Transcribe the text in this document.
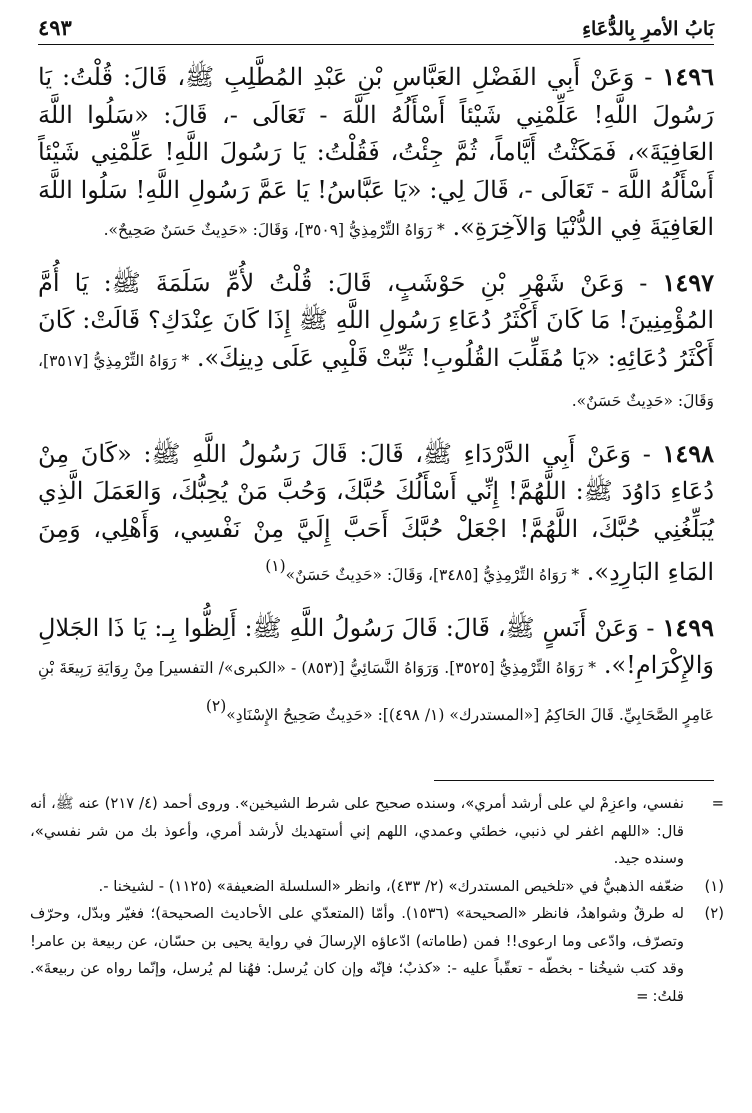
بَابُ الأمرِ بِالدُّعَاءِ
٤٩٣

١٤٩٦ - وَعَنْ أَبِي الفَضْلِ العَبَّاسِ بْنِ عَبْدِ المُطَّلِبِ ﷺ، قَالَ: قُلْتُ: يَا رَسُولَ اللَّهِ! عَلِّمْنِي شَيْئاً أَسْأَلُهُ اللَّهَ - تَعَالَى -، قَالَ: «سَلُوا اللَّهَ العَافِيَةَ»، فَمَكَثْتُ أَيَّاماً، ثُمَّ جِئْتُ، فَقُلْتُ: يَا رَسُولَ اللَّهِ! عَلِّمْنِي شَيْئاً أَسْأَلُهُ اللَّهَ - تَعَالَى -، قَالَ لِي: «يَا عَبَّاسُ! يَا عَمَّ رَسُولِ اللَّهِ! سَلُوا اللَّهَ العَافِيَةَ فِي الدُّنْيَا وَالآخِرَةِ». * رَوَاهُ التِّرْمِذِيُّ [٣٥٠٩]، وَقَالَ: «حَدِيثٌ حَسَنٌ صَحِيحٌ».

١٤٩٧ - وَعَنْ شَهْرِ بْنِ حَوْشَبٍ، قَالَ: قُلْتُ لأُمِّ سَلَمَةَ ﷺ: يَا أُمَّ المُؤْمِنِينَ! مَا كَانَ أَكْثَرُ دُعَاءِ رَسُولِ اللَّهِ ﷺ إِذَا كَانَ عِنْدَكِ؟ قَالَتْ: كَانَ أَكْثَرُ دُعَائِهِ: «يَا مُقَلِّبَ القُلُوبِ! ثَبِّتْ قَلْبِي عَلَى دِينِكَ». * رَوَاهُ التِّرْمِذِيُّ [٣٥١٧]، وَقَالَ: «حَدِيثٌ حَسَنٌ».

١٤٩٨ - وَعَنْ أَبِي الدَّرْدَاءِ ﷺ، قَالَ: قَالَ رَسُولُ اللَّهِ ﷺ: «كَانَ مِنْ دُعَاءِ دَاوُدَ ﷺ: اللَّهُمَّ! إِنِّي أَسْأَلُكَ حُبَّكَ، وَحُبَّ مَنْ يُحِبُّكَ، وَالعَمَلَ الَّذِي يُبَلِّغُنِي حُبَّكَ، اللَّهُمَّ! اجْعَلْ حُبَّكَ أَحَبَّ إِلَيَّ مِنْ نَفْسِي، وَأَهْلِي، وَمِنَ المَاءِ البَارِدِ». * رَوَاهُ التِّرْمِذِيُّ [٣٤٨٥]، وَقَالَ: «حَدِيثٌ حَسَنٌ»$^{(١)}$

١٤٩٩ - وَعَنْ أَنَسٍ ﷺ، قَالَ: قَالَ رَسُولُ اللَّهِ ﷺ: أَلِظُّوا بِـ: يَا ذَا الجَلالِ وَالإِكْرَامِ!». * رَوَاهُ التِّرْمِذِيُّ [٣٥٢٥]. وَرَوَاهُ النَّسَائِيُّ [(٨٥٣) - «الكبرى»/ التفسير] مِنْ رِوَايَةِ رَبِيعَةَ بْنِ عَامِرٍ الصَّحَابِيِّ. قَالَ الحَاكِمُ [«المستدرك» (١/ ٤٩٨)]: «حَدِيثٌ صَحِيحُ الإِسْنَادِ»$^{(٢)}$

=
نفسي، واعزِمْ لي على أرشد أمري»، وسنده صحيح على شرط الشيخين». وروى أحمد (٤/ ٢١٧) عنه ﷺ، أنه قال: «اللهم اغفر لي ذنبي، خطئي وعمدي، اللهم إني أستهديك لأرشد أمري، وأعوذ بك من شر نفسي»، وسنده جيد.
(١)
ضعّفه الذهبيُّ في «تلخيص المستدرك» (٢/ ٤٣٣)، وانظر «السلسلة الضعيفة» (١١٢٥) - لشيخنا -.
(٢)
له طرقٌ وشواهدُ، فانظر «الصحيحة» (١٥٣٦). وأمّا (المتعدّي على الأحاديث الصحيحة)؛ فغيّر وبدّل، وحرّف وتصرّف، وادّعى وما ارعوى!! فمن (طاماته) ادّعاؤه الإرسالَ في رواية يحيى بن حسّان، عن ربيعة بن عامر! وقد كتب شيخُنا - بخطّه - تعقّباً عليه -: «كذبٌ؛ فإنّه وإن كان يُرسل: فهُنا لم يُرسل، وإنّما رواه عن ربيعةَ». قلتُ:=
